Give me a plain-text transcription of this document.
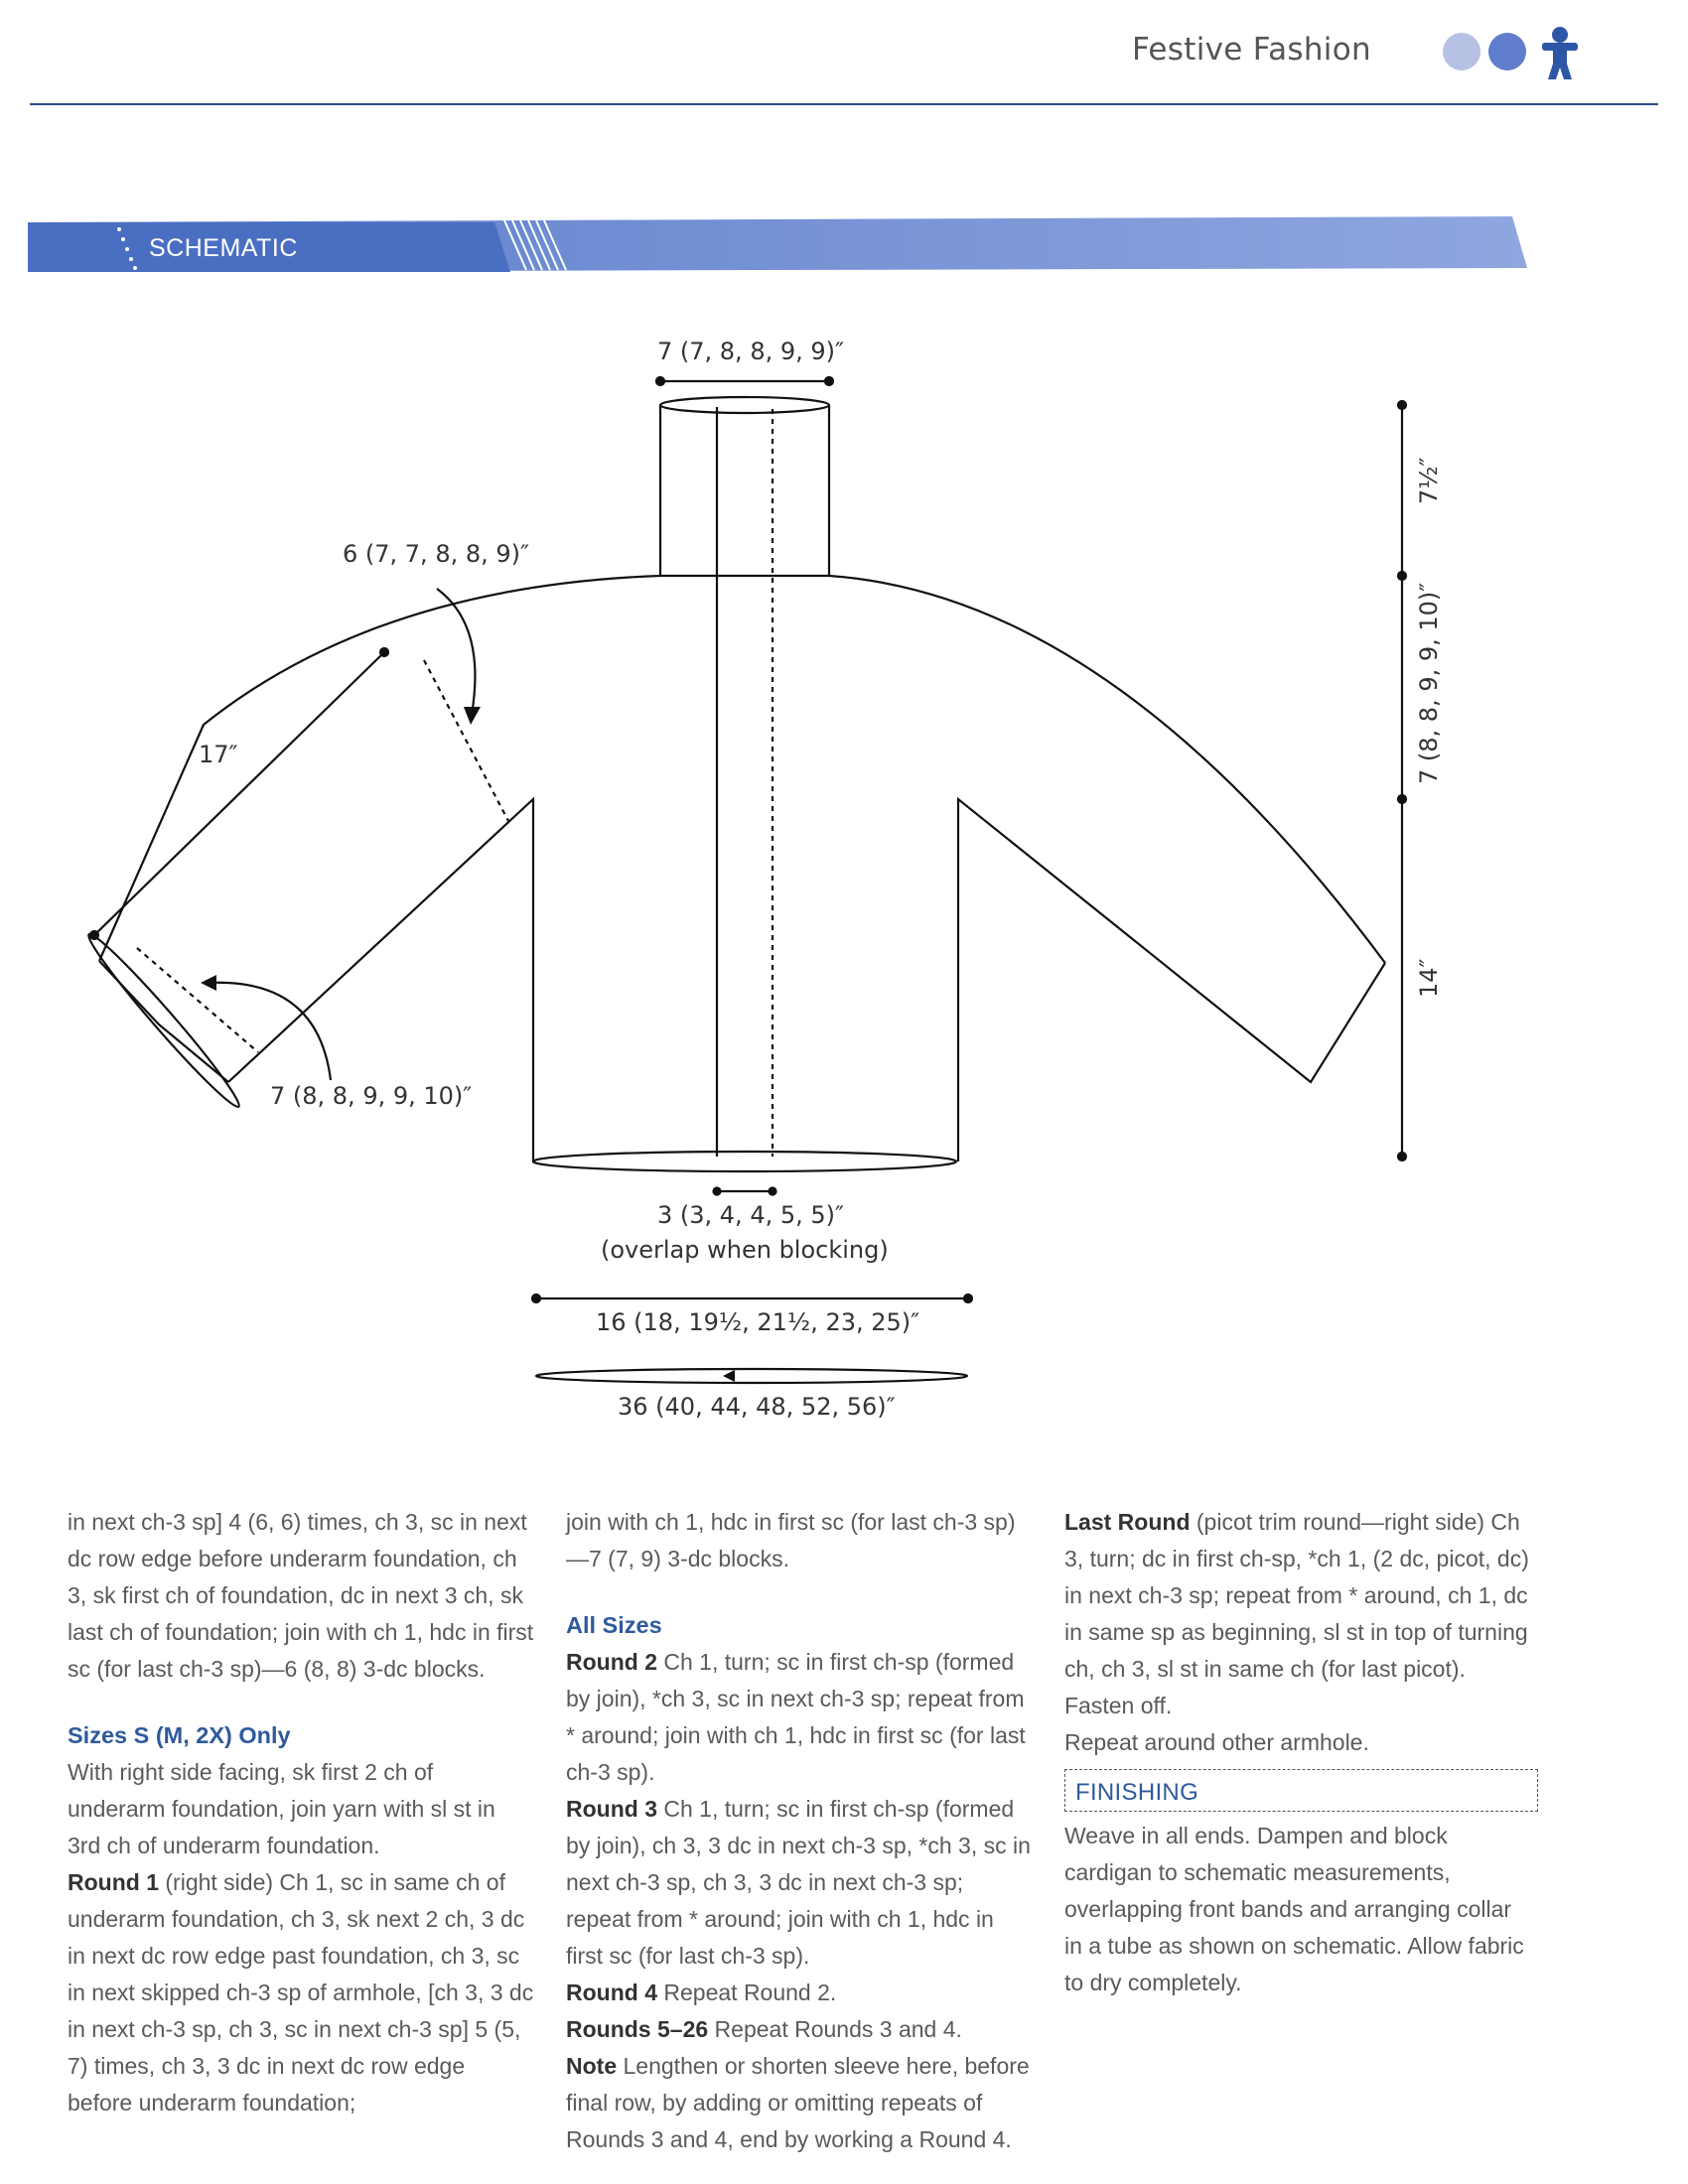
Festive Fashion
SCHEMATIC
7 (7, 8, 8, 9, 9)″
6 (7, 7, 8, 8, 9)″
17″
7 (8, 8, 9, 9, 10)″
7½″
7 (8, 8, 9, 9, 10)″
14″
3 (3, 4, 4, 5, 5)″
(overlap when blocking)
16 (18, 19½, 21½, 23, 25)″
36 (40, 44, 48, 52, 56)″

in next ch-3 sp] 4 (6, 6) times, ch 3, sc in next dc row edge before underarm foundation, ch 3, sk first ch of foundation, dc in next 3 ch, sk last ch of foundation; join with ch 1, hdc in first sc (for last ch-3 sp)—6 (8, 8) 3-dc blocks.

Sizes S (M, 2X) Only

With right side facing, sk first 2 ch of underarm foundation, join yarn with sl st in 3rd ch of underarm foundation.

Round 1 (right side) Ch 1, sc in same ch of underarm foundation, ch 3, sk next 2 ch, 3 dc in next dc row edge past foundation, ch 3, sc in next skipped ch-3 sp of armhole, [ch 3, 3 dc in next ch-3 sp, ch 3, sc in next ch-3 sp] 5 (5, 7) times, ch 3, 3 dc in next dc row edge before underarm foundation;

join with ch 1, hdc in first sc (for last ch-3 sp)—7 (7, 9) 3-dc blocks.

All Sizes

Round 2 Ch 1, turn; sc in first ch-sp (formed by join), *ch 3, sc in next ch-3 sp; repeat from * around; join with ch 1, hdc in first sc (for last ch-3 sp).

Round 3 Ch 1, turn; sc in first ch-sp (formed by join), ch 3, 3 dc in next ch-3 sp, *ch 3, sc in next ch-3 sp, ch 3, 3 dc in next ch-3 sp; repeat from * around; join with ch 1, hdc in first sc (for last ch-3 sp).

Round 4 Repeat Round 2.

Rounds 5–26 Repeat Rounds 3 and 4.

Note Lengthen or shorten sleeve here, before final row, by adding or omitting repeats of Rounds 3 and 4, end by working a Round 4.

Last Round (picot trim round—right side) Ch 3, turn; dc in first ch-sp, *ch 1, (2 dc, picot, dc) in next ch-3 sp; repeat from * around, ch 1, dc in same sp as beginning, sl st in top of turning ch, ch 3, sl st in same ch (for last picot). Fasten off.

Repeat around other armhole.

FINISHING

Weave in all ends. Dampen and block cardigan to schematic measurements, overlapping front bands and arranging collar in a tube as shown on schematic. Allow fabric to dry completely.
